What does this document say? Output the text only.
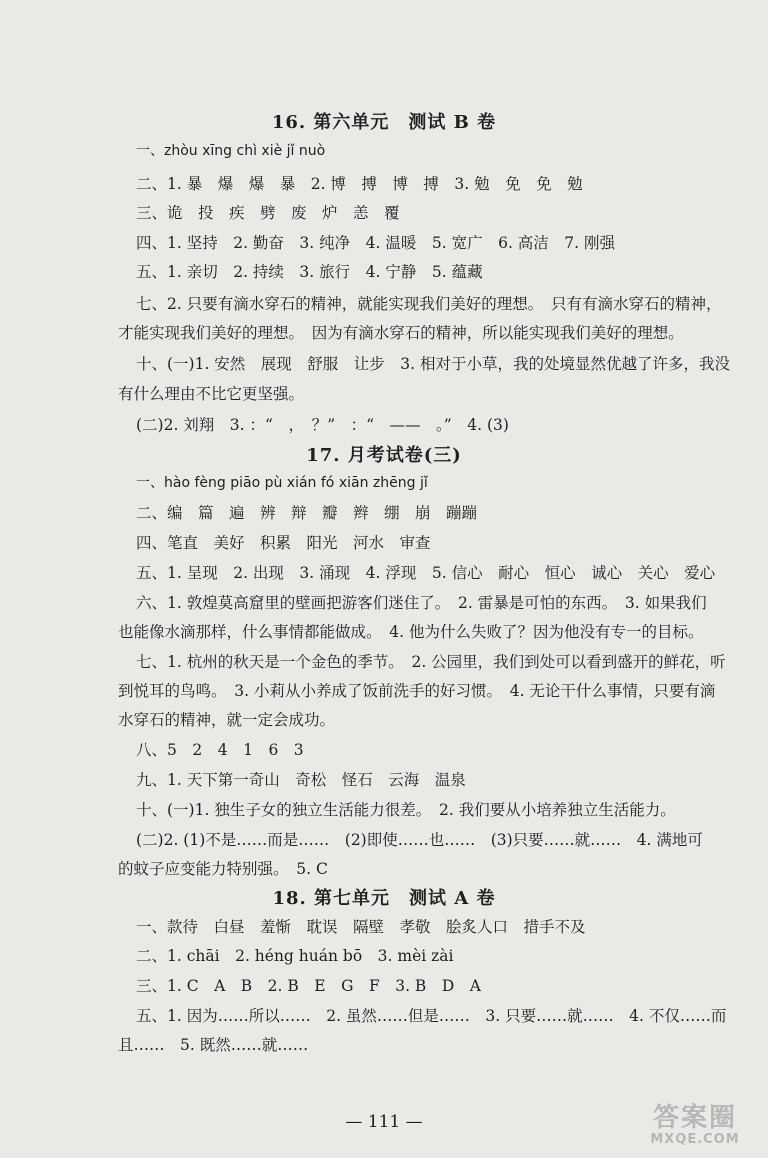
16. 第六单元　测试 B 卷
一、zhòu xīng chì xiè jǐ nuò
二、1. 暴　爆　爆　暴　2. 博　搏　博　搏　3. 勉　免　免　勉
三、诡　投　疾　劈　废　炉　恙　覆
四、1. 坚持　2. 勤奋　3. 纯净　4. 温暖　5. 宽广　6. 高洁　7. 刚强
五、1. 亲切　2. 持续　3. 旅行　4. 宁静　5. 蕴藏
七、2. 只要有滴水穿石的精神，就能实现我们美好的理想。　只有有滴水穿石的精神，
才能实现我们美好的理想。　因为有滴水穿石的精神，所以能实现我们美好的理想。
十、(一)1. 安然　展现　舒服　让步　3. 相对于小草，我的处境显然优越了许多，我没
有什么理由不比它更坚强。
(二)2. 刘翔　3. ：“　，　？”　：“　——　。”　4. (3)
17. 月考试卷(三)
一、hào fèng piāo pù xián fó xiān zhēng jǐ
二、编　篇　遍　辨　辩　瓣　辫　绷　崩　蹦蹦
四、笔直　美好　积累　阳光　河水　审查
五、1. 呈现　2. 出现　3. 涌现　4. 浮现　5. 信心　耐心　恒心　诚心　关心　爱心
六、1. 敦煌莫高窟里的壁画把游客们迷住了。　2. 雷暴是可怕的东西。　3. 如果我们
也能像水滴那样，什么事情都能做成。　4. 他为什么失败了？因为他没有专一的目标。
七、1. 杭州的秋天是一个金色的季节。　2. 公园里，我们到处可以看到盛开的鲜花，听
到悦耳的鸟鸣。　3. 小莉从小养成了饭前洗手的好习惯。　4. 无论干什么事情，只要有滴
水穿石的精神，就一定会成功。
八、5　2　4　1　6　3
九、1. 天下第一奇山　奇松　怪石　云海　温泉
十、(一)1. 独生子女的独立生活能力很差。　2. 我们要从小培养独立生活能力。
(二)2. (1)不是……而是……　(2)即使……也……　(3)只要……就……　4. 满地可
的蚊子应变能力特别强。　5. C
18. 第七单元　测试 A 卷
一、款待　白昼　羞惭　耽误　隔壁　孝敬　脍炙人口　措手不及
二、1. chāi　2. héng huán bō　3. mèi zài
三、1. C　A　B　2. B　E　G　F　3. B　D　A
五、1. 因为……所以……　2. 虽然……但是……　3. 只要……就……　4. 不仅……而
且……　5. 既然……就……
— 111 —	答案圈
MXQE.COM
